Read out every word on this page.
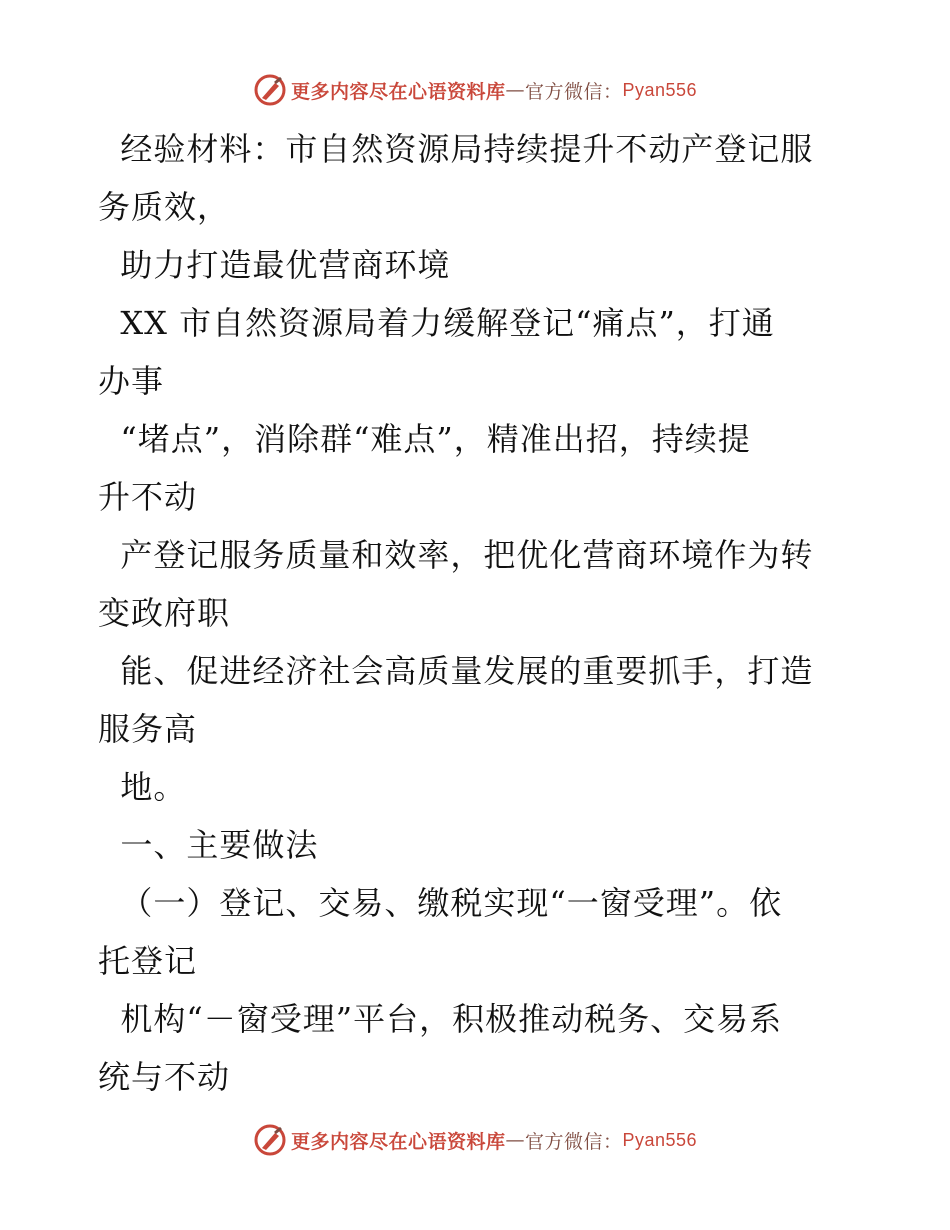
更多内容尽在心语资料库 — 官方微信： Pyan556
经验材料：市自然资源局持续提升不动产登记服
务质效，
助力打造最优营商环境
XX 市自然资源局着力缓解登记“痛点”，打通
办事
“堵点”，消除群“难点”，精准出招，持续提
升不动
产登记服务质量和效率，把优化营商环境作为转
变政府职
能、促进经济社会高质量发展的重要抓手，打造
服务高
地。
一、主要做法
（一）登记、交易、缴税实现“一窗受理”。依
托登记
机构“－窗受理”平台，积极推动税务、交易系
统与不动
更多内容尽在心语资料库 — 官方微信： Pyan556
